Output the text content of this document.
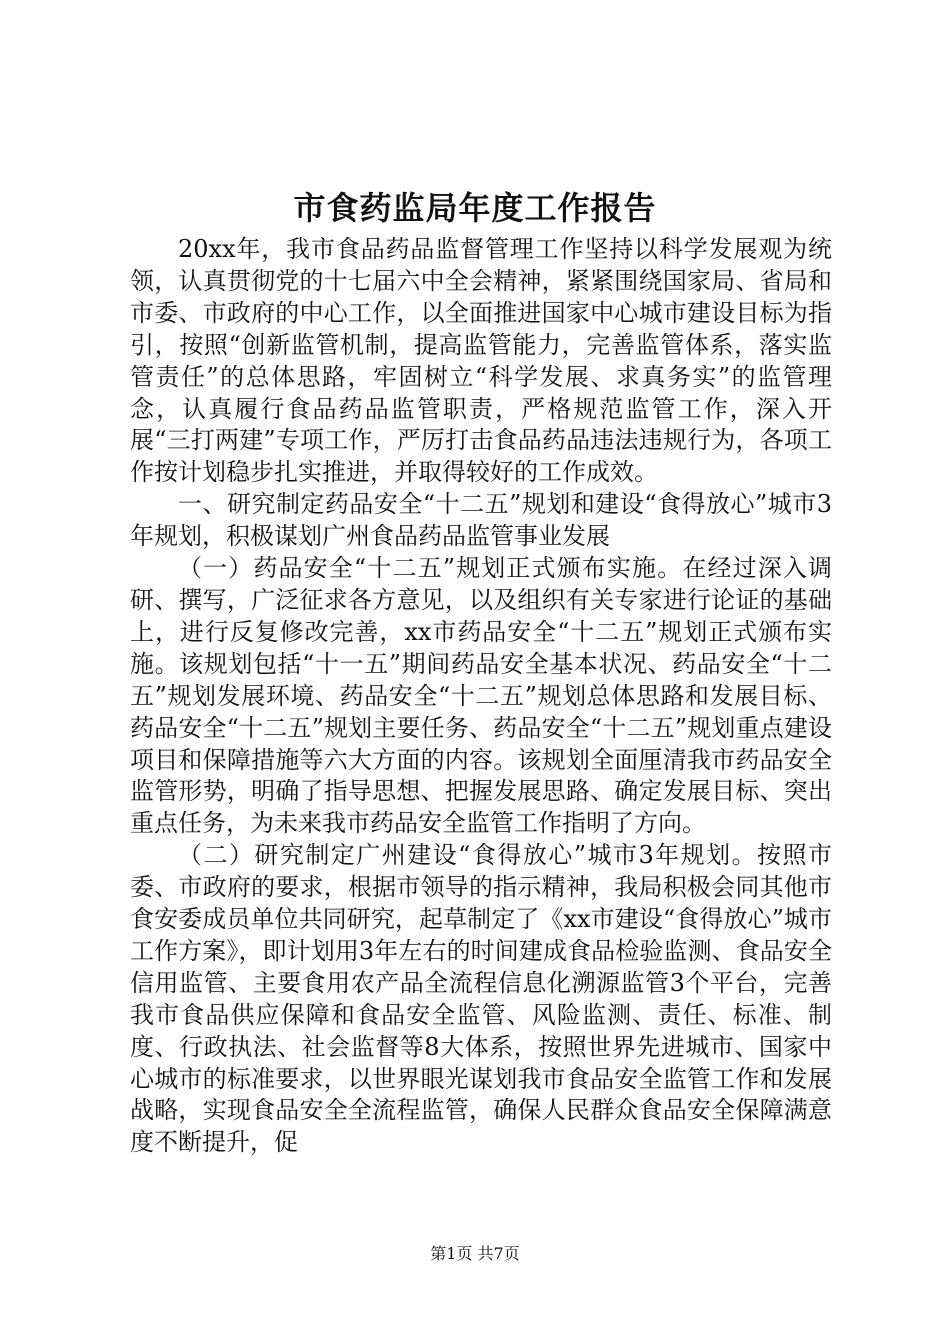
市食药监局年度工作报告

20xx年，我市食品药品监督管理工作坚持以科学发展观为统领，认真贯彻党的十七届六中全会精神，紧紧围绕国家局、省局和市委、市政府的中心工作，以全面推进国家中心城市建设目标为指引，按照“创新监管机制，提高监管能力，完善监管体系，落实监管责任”的总体思路，牢固树立“科学发展、求真务实”的监管理念，认真履行食品药品监管职责，严格规范监管工作，深入开展“三打两建”专项工作，严厉打击食品药品违法违规行为，各项工作按计划稳步扎实推进，并取得较好的工作成效。

一、研究制定药品安全“十二五”规划和建设“食得放心”城市3年规划，积极谋划广州食品药品监管事业发展

（一）药品安全“十二五”规划正式颁布实施。在经过深入调研、撰写，广泛征求各方意见，以及组织有关专家进行论证的基础上，进行反复修改完善，xx市药品安全“十二五”规划正式颁布实施。该规划包括“十一五”期间药品安全基本状况、药品安全“十二五”规划发展环境、药品安全“十二五”规划总体思路和发展目标、药品安全“十二五”规划主要任务、药品安全“十二五”规划重点建设项目和保障措施等六大方面的内容。该规划全面厘清我市药品安全监管形势，明确了指导思想、把握发展思路、确定发展目标、突出重点任务，为未来我市药品安全监管工作指明了方向。

（二）研究制定广州建设“食得放心”城市3年规划。按照市委、市政府的要求，根据市领导的指示精神，我局积极会同其他市食安委成员单位共同研究，起草制定了《xx市建设“食得放心”城市工作方案》，即计划用3年左右的时间建成食品检验监测、食品安全信用监管、主要食用农产品全流程信息化溯源监管3个平台，完善我市食品供应保障和食品安全监管、风险监测、责任、标准、制度、行政执法、社会监督等8大体系，按照世界先进城市、国家中心城市的标准要求，以世界眼光谋划我市食品安全监管工作和发展战略，实现食品安全全流程监管，确保人民群众食品安全保障满意度不断提升，促

第1页 共7页
